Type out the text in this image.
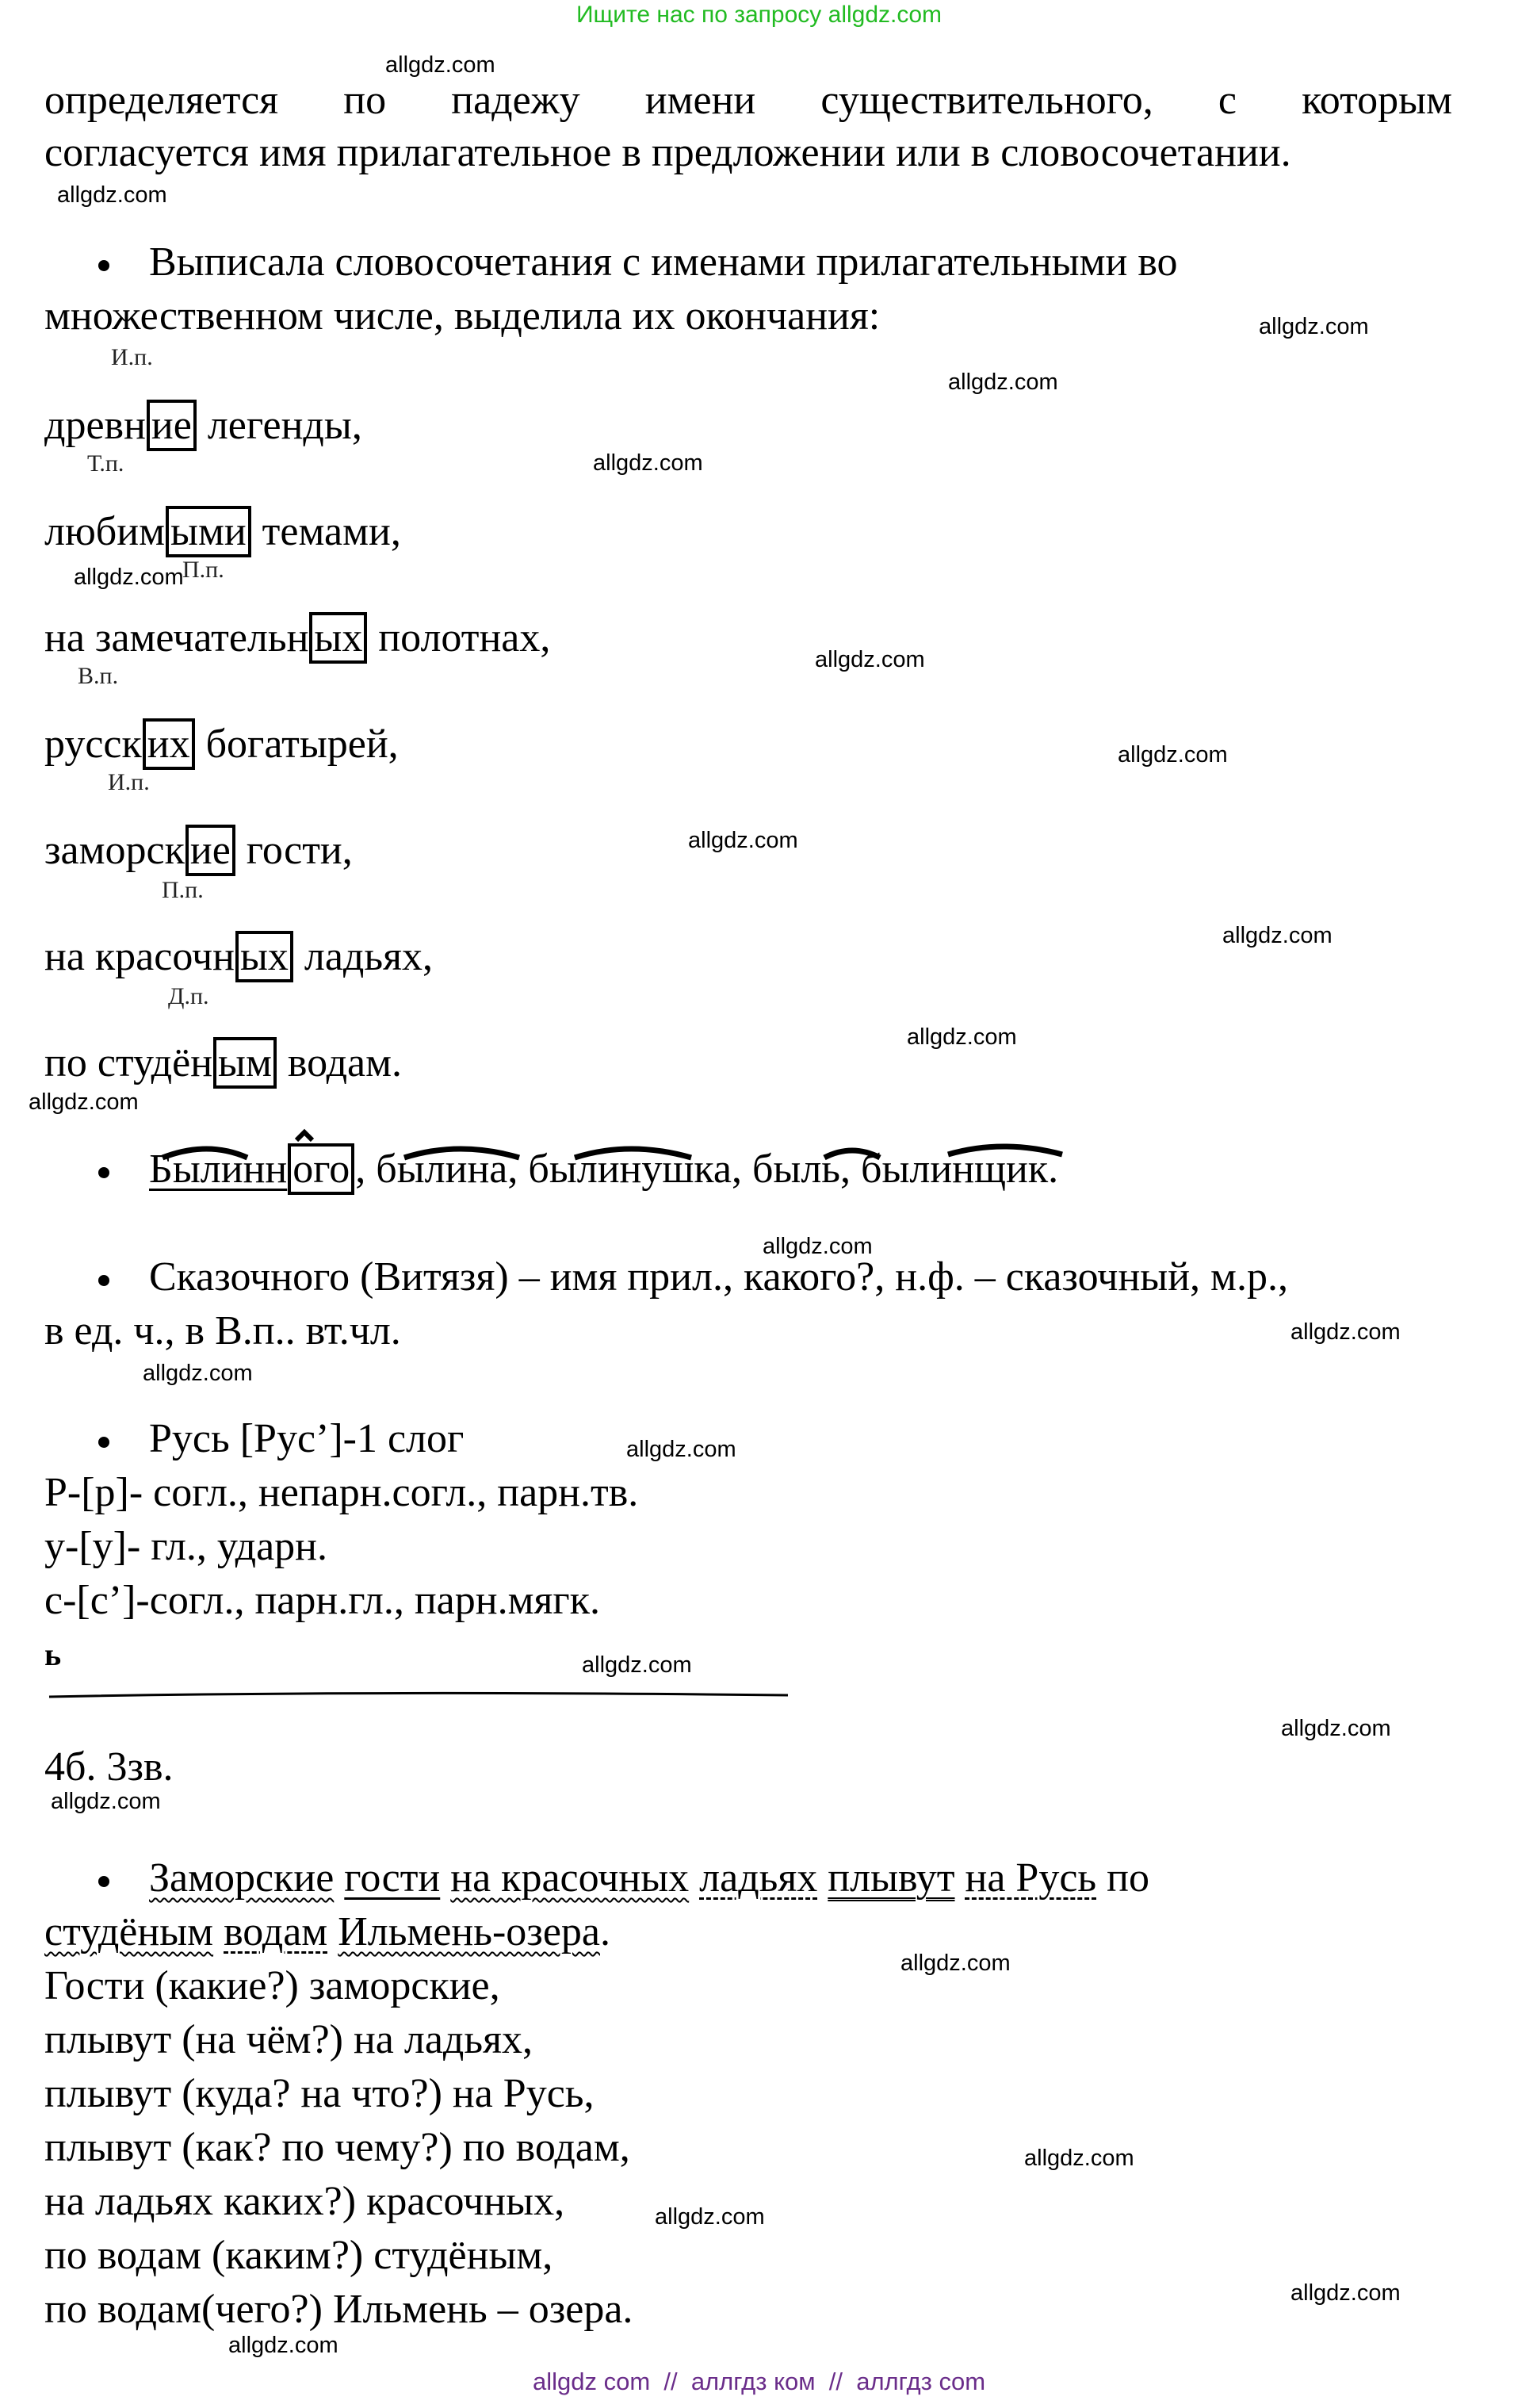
Ищите нас по запросу allgdz.com
allgdz.com
allgdz.com
allgdz.com
allgdz.com
allgdz.com
allgdz.com
allgdz.com
allgdz.com
allgdz.com
allgdz.com
allgdz.com
allgdz.com
allgdz.com
allgdz.com
allgdz.com
allgdz.com
allgdz.com
allgdz.com
allgdz.com
allgdz.com
allgdz.com
allgdz.com
allgdz.com
allgdz.com
определяется по падежу имени существительного, с которым
согласуется имя прилагательное в предложении или в словосочетании.
Выписала словосочетания с именами прилагательными во
множественном числе, выделила их окончания:
И.п.
Т.п.
П.п.
В.п.
И.п.
П.п.
Д.п.
древн ие легенды,
любим ыми темами,
на замечательн ых полотнах,
русск их богатырей,
заморск ие гости,
на красочн ых ладьях,
по студён ым водам.
Былинн ого , былина, былинушка, быль, былинщик.
Сказочного (Витязя) – имя прил., какого?, н.ф. – сказочный, м.р.,
в ед. ч., в В.п.. вт.чл.
Русь [Рус’]-1 слог
Р-[р]- согл., непарн.согл., парн.тв.
у-[у]- гл., ударн.
с-[с’]-согл., парн.гл., парн.мягк.
ь
4б. 3зв.
Заморские гости на красочных ладьях плывут на Русь по
студёным водам Ильмень-озера.
Гости (какие?) заморские,
плывут (на чём?) на ладьях,
плывут (куда? на что?) на Русь,
плывут (как? по чему?) по водам,
на ладьях каких?) красочных,
по водам (каким?) студёным,
по водам(чего?) Ильмень – озера.
allgdz com  //  аллгдз ком  //  аллгдз com
